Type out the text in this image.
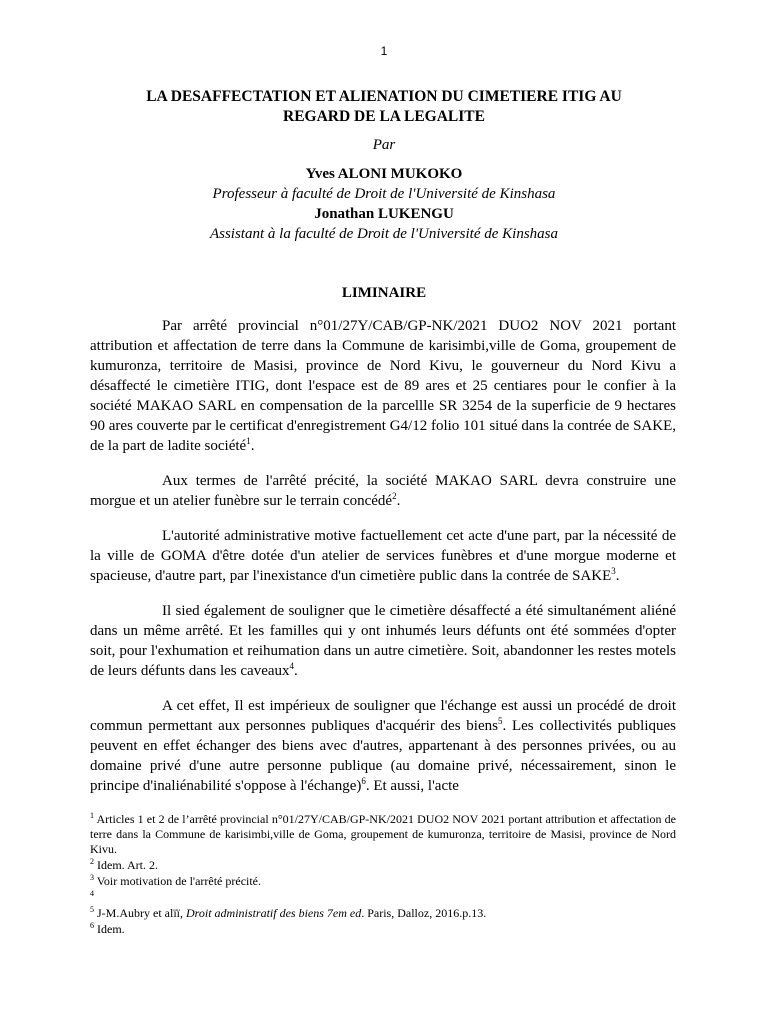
1
LA DESAFFECTATION ET ALIENATION DU CIMETIERE ITIG AU
REGARD DE LA LEGALITE
Par
Yves ALONI MUKOKO
Professeur à faculté de Droit de l'Université de Kinshasa
Jonathan LUKENGU
Assistant à la faculté de Droit de l'Université de Kinshasa
LIMINAIRE

Par arrêté provincial n°01/27Y/CAB/GP-NK/2021 DUO2 NOV 2021 portant attribution et affectation de terre dans la Commune de karisimbi,ville de Goma, groupement de kumuronza, territoire de Masisi, province de Nord Kivu, le gouverneur du Nord Kivu a désaffecté le cimetière ITIG, dont l'espace est de 89 ares et 25 centiares pour le confier à la société MAKAO SARL en compensation de la parcellle SR 3254 de la superficie de 9 hectares 90 ares couverte par le certificat d'enregistrement G4/12 folio 101 situé dans la contrée de SAKE, de la part de ladite société$^1$.

Aux termes de l'arrêté précité, la société MAKAO SARL devra construire une morgue et un atelier funèbre sur le terrain concédé$^2$.

L'autorité administrative motive factuellement cet acte d'une part, par la nécessité de la ville de GOMA d'être dotée d'un atelier de services funèbres et d'une morgue moderne et spacieuse, d'autre part, par l'inexistance d'un cimetière public dans la contrée de SAKE$^3$.

Il sied également de souligner que le cimetière désaffecté a été simultanément aliéné dans un même arrêté. Et les familles qui y ont inhumés leurs défunts ont été sommées d'opter soit, pour l'exhumation et reihumation dans un autre cimetière. Soit, abandonner les restes motels de leurs défunts dans les caveaux$^4$.

A cet effet, Il est impérieux de souligner que l'échange est aussi un procédé de droit commun permettant aux personnes publiques d'acquérir des biens$^5$. Les collectivités publiques peuvent en effet échanger des biens avec d'autres, appartenant à des personnes privées, ou au domaine privé d'une autre personne publique (au domaine privé, nécessairement, sinon le principe d'inaliénabilité s'oppose à l'échange)$^6$. Et aussi, l'acte

$^1$ Articles 1 et 2 de l’arrêté provincial n°01/27Y/CAB/GP-NK/2021 DUO2 NOV 2021 portant attribution et affectation de terre dans la Commune de karisimbi,ville de Goma, groupement de kumuronza, territoire de Masisi, province de Nord Kivu.
$^2$ Idem. Art. 2.
$^3$ Voir motivation de l'arrêté précité.
$^4$
$^5$ J-M.Aubry et alïï, Droit administratif des biens 7em ed. Paris, Dalloz, 2016.p.13.
$^6$ Idem.
